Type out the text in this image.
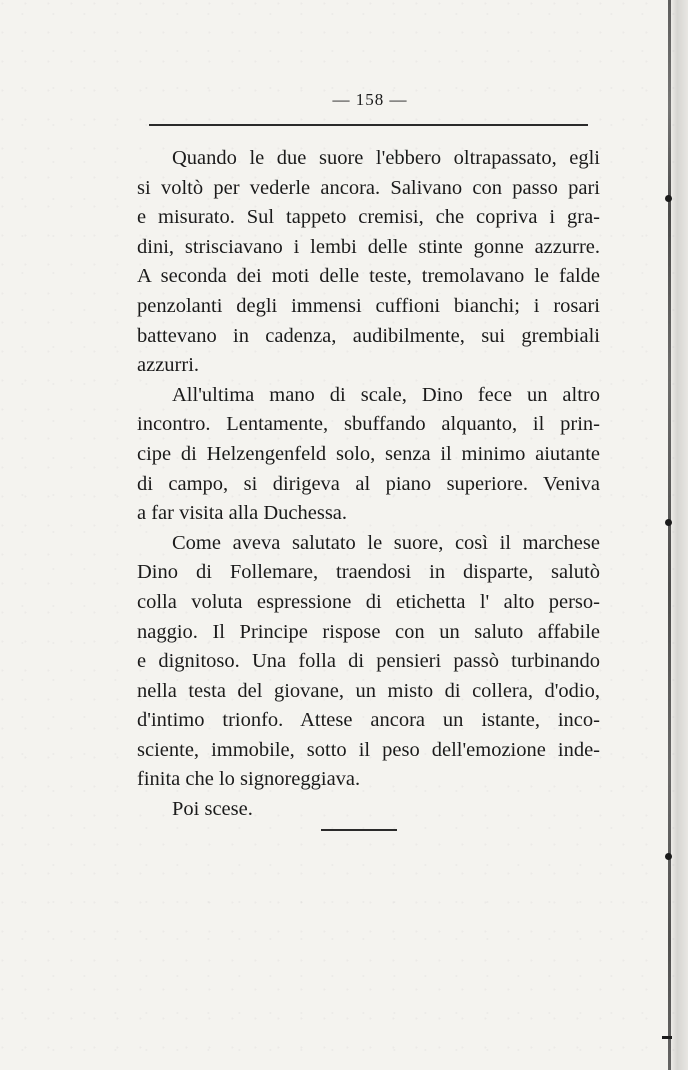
— 158 —
Quando le due suore l'ebbero oltrapassato, egli
si voltò per vederle ancora. Salivano con passo pari
e misurato. Sul tappeto cremisi, che copriva i gra-
dini, strisciavano i lembi delle stinte gonne azzurre.
A seconda dei moti delle teste, tremolavano le falde
penzolanti degli immensi cuffioni bianchi; i rosari
battevano in cadenza, audibilmente, sui grembiali
azzurri.
All'ultima mano di scale, Dino fece un altro
incontro. Lentamente, sbuffando alquanto, il prin-
cipe di Helzengenfeld solo, senza il minimo aiutante
di campo, si dirigeva al piano superiore. Veniva
a far visita alla Duchessa.
Come aveva salutato le suore, così il marchese
Dino di Follemare, traendosi in disparte, salutò
colla voluta espressione di etichetta l' alto perso-
naggio. Il Principe rispose con un saluto affabile
e dignitoso. Una folla di pensieri passò turbinando
nella testa del giovane, un misto di collera, d'odio,
d'intimo trionfo. Attese ancora un istante, inco-
sciente, immobile, sotto il peso dell'emozione inde-
finita che lo signoreggiava.
Poi scese.
